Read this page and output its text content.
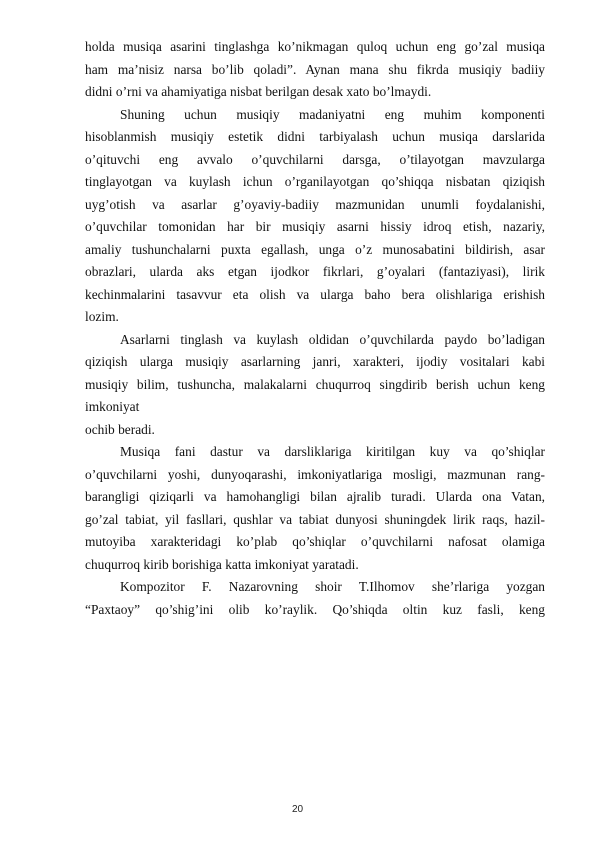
holda musiqa asarini tinglashga ko’nikmagan quloq uchun eng go’zal musiqa
ham ma’nisiz narsa bo’lib qoladi”. Aynan mana shu fikrda musiqiy badiiy
didni o’rni va ahamiyatiga nisbat berilgan desak xato bo’lmaydi.
Shuning uchun musiqiy madaniyatni eng muhim komponenti
hisoblanmish musiqiy estetik didni tarbiyalash uchun musiqa darslarida
o’qituvchi eng avvalo o’quvchilarni darsga, o’tilayotgan mavzularga
tinglayotgan va kuylash ichun o’rganilayotgan qo’shiqqa nisbatan qiziqish
uyg’otish va asarlar g’oyaviy-badiiy mazmunidan unumli foydalanishi,
o’quvchilar tomonidan har bir musiqiy asarni hissiy idroq etish, nazariy,
amaliy tushunchalarni puxta egallash, unga o’z munosabatini bildirish, asar
obrazlari, ularda aks etgan ijodkor fikrlari, g’oyalari (fantaziyasi), lirik
kechinmalarini tasavvur eta olish va ularga baho bera olishlariga erishish
lozim.
Asarlarni tinglash va kuylash oldidan o’quvchilarda paydo bo’ladigan
qiziqish ularga musiqiy asarlarning janri, xarakteri, ijodiy vositalari kabi
musiqiy bilim, tushuncha, malakalarni chuqurroq singdirib berish uchun keng
imkoniyat
ochib beradi.
Musiqa fani dastur va darsliklariga kiritilgan kuy va qo’shiqlar
o’quvchilarni yoshi, dunyoqarashi, imkoniyatlariga mosligi, mazmunan rang-
barangligi qiziqarli va hamohangligi bilan ajralib turadi. Ularda ona Vatan,
go’zal tabiat, yil fasllari, qushlar va tabiat dunyosi shuningdek lirik raqs, hazil-
mutoyiba xarakteridagi ko’plab qo’shiqlar o’quvchilarni nafosat olamiga
chuqurroq kirib borishiga katta imkoniyat yaratadi.
Kompozitor F. Nazarovning shoir T.Ilhomov she’rlariga yozgan
“Paxtaoy” qo’shig’ini olib ko’raylik. Qo’shiqda oltin kuz fasli, keng
20
